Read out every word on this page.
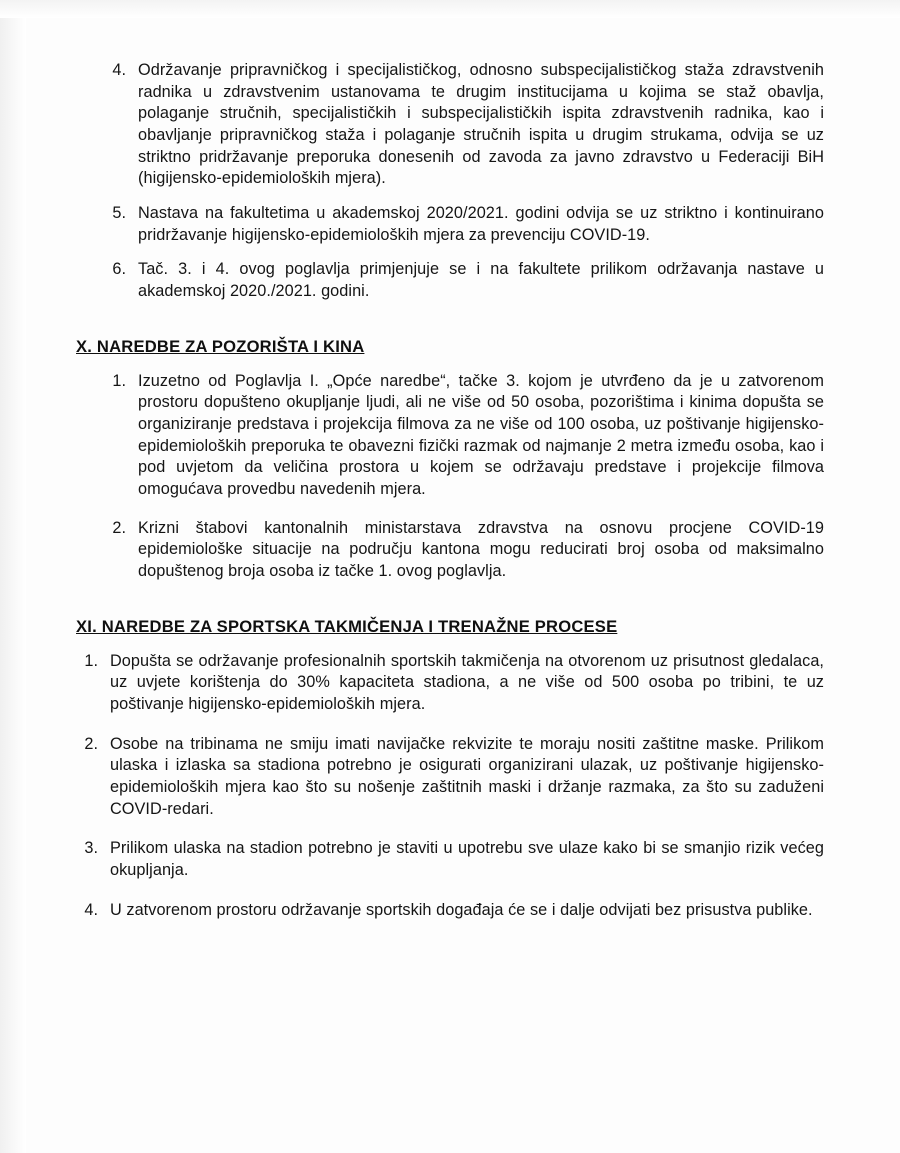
4. Održavanje pripravničkog i specijalističkog, odnosno subspecijalističkog staža zdravstvenih radnika u zdravstvenim ustanovama te drugim institucijama u kojima se staž obavlja, polaganje stručnih, specijalističkih i subspecijalističkih ispita zdravstvenih radnika, kao i obavljanje pripravničkog staža i polaganje stručnih ispita u drugim strukama, odvija se uz striktno pridržavanje preporuka donesenih od zavoda za javno zdravstvo u Federaciji BiH (higijensko-epidemioloških mjera).
5. Nastava na fakultetima u akademskoj 2020/2021. godini odvija se uz striktno i kontinuirano pridržavanje higijensko-epidemioloških mjera za prevenciju COVID-19.
6. Tač. 3. i 4. ovog poglavlja primjenjuje se i na fakultete prilikom održavanja nastave u akademskoj 2020./2021. godini.
X. NAREDBE ZA POZORIŠTA I KINA
1. Izuzetno od Poglavlja I. „Opće naredbe“, tačke 3. kojom je utvrđeno da je u zatvorenom prostoru dopušteno okupljanje ljudi, ali ne više od 50 osoba, pozorištima i kinima dopušta se organiziranje predstava i projekcija filmova za ne više od 100 osoba, uz poštivanje higijensko-epidemioloških preporuka te obavezni fizički razmak od najmanje 2 metra između osoba, kao i pod uvjetom da veličina prostora u kojem se održavaju predstave i projekcije filmova omogućava provedbu navedenih mjera.
2. Krizni štabovi kantonalnih ministarstava zdravstva na osnovu procjene COVID-19 epidemiološke situacije na području kantona mogu reducirati broj osoba od maksimalno dopuštenog broja osoba iz tačke 1. ovog poglavlja.
XI. NAREDBE ZA SPORTSKA TAKMIČENJA I TRENAŽNE PROCESE
1. Dopušta se održavanje profesionalnih sportskih takmičenja na otvorenom uz prisutnost gledalaca, uz uvjete korištenja do 30% kapaciteta stadiona, a ne više od 500 osoba po tribini, te uz poštivanje higijensko-epidemioloških mjera.
2. Osobe na tribinama ne smiju imati navijačke rekvizite te moraju nositi zaštitne maske. Prilikom ulaska i izlaska sa stadiona potrebno je osigurati organizirani ulazak, uz poštivanje higijensko-epidemioloških mjera kao što su nošenje zaštitnih maski i držanje razmaka, za što su zaduženi COVID-redari.
3. Prilikom ulaska na stadion potrebno je staviti u upotrebu sve ulaze kako bi se smanjio rizik većeg okupljanja.
4. U zatvorenom prostoru održavanje sportskih događaja će se i dalje odvijati bez prisustva publike.
